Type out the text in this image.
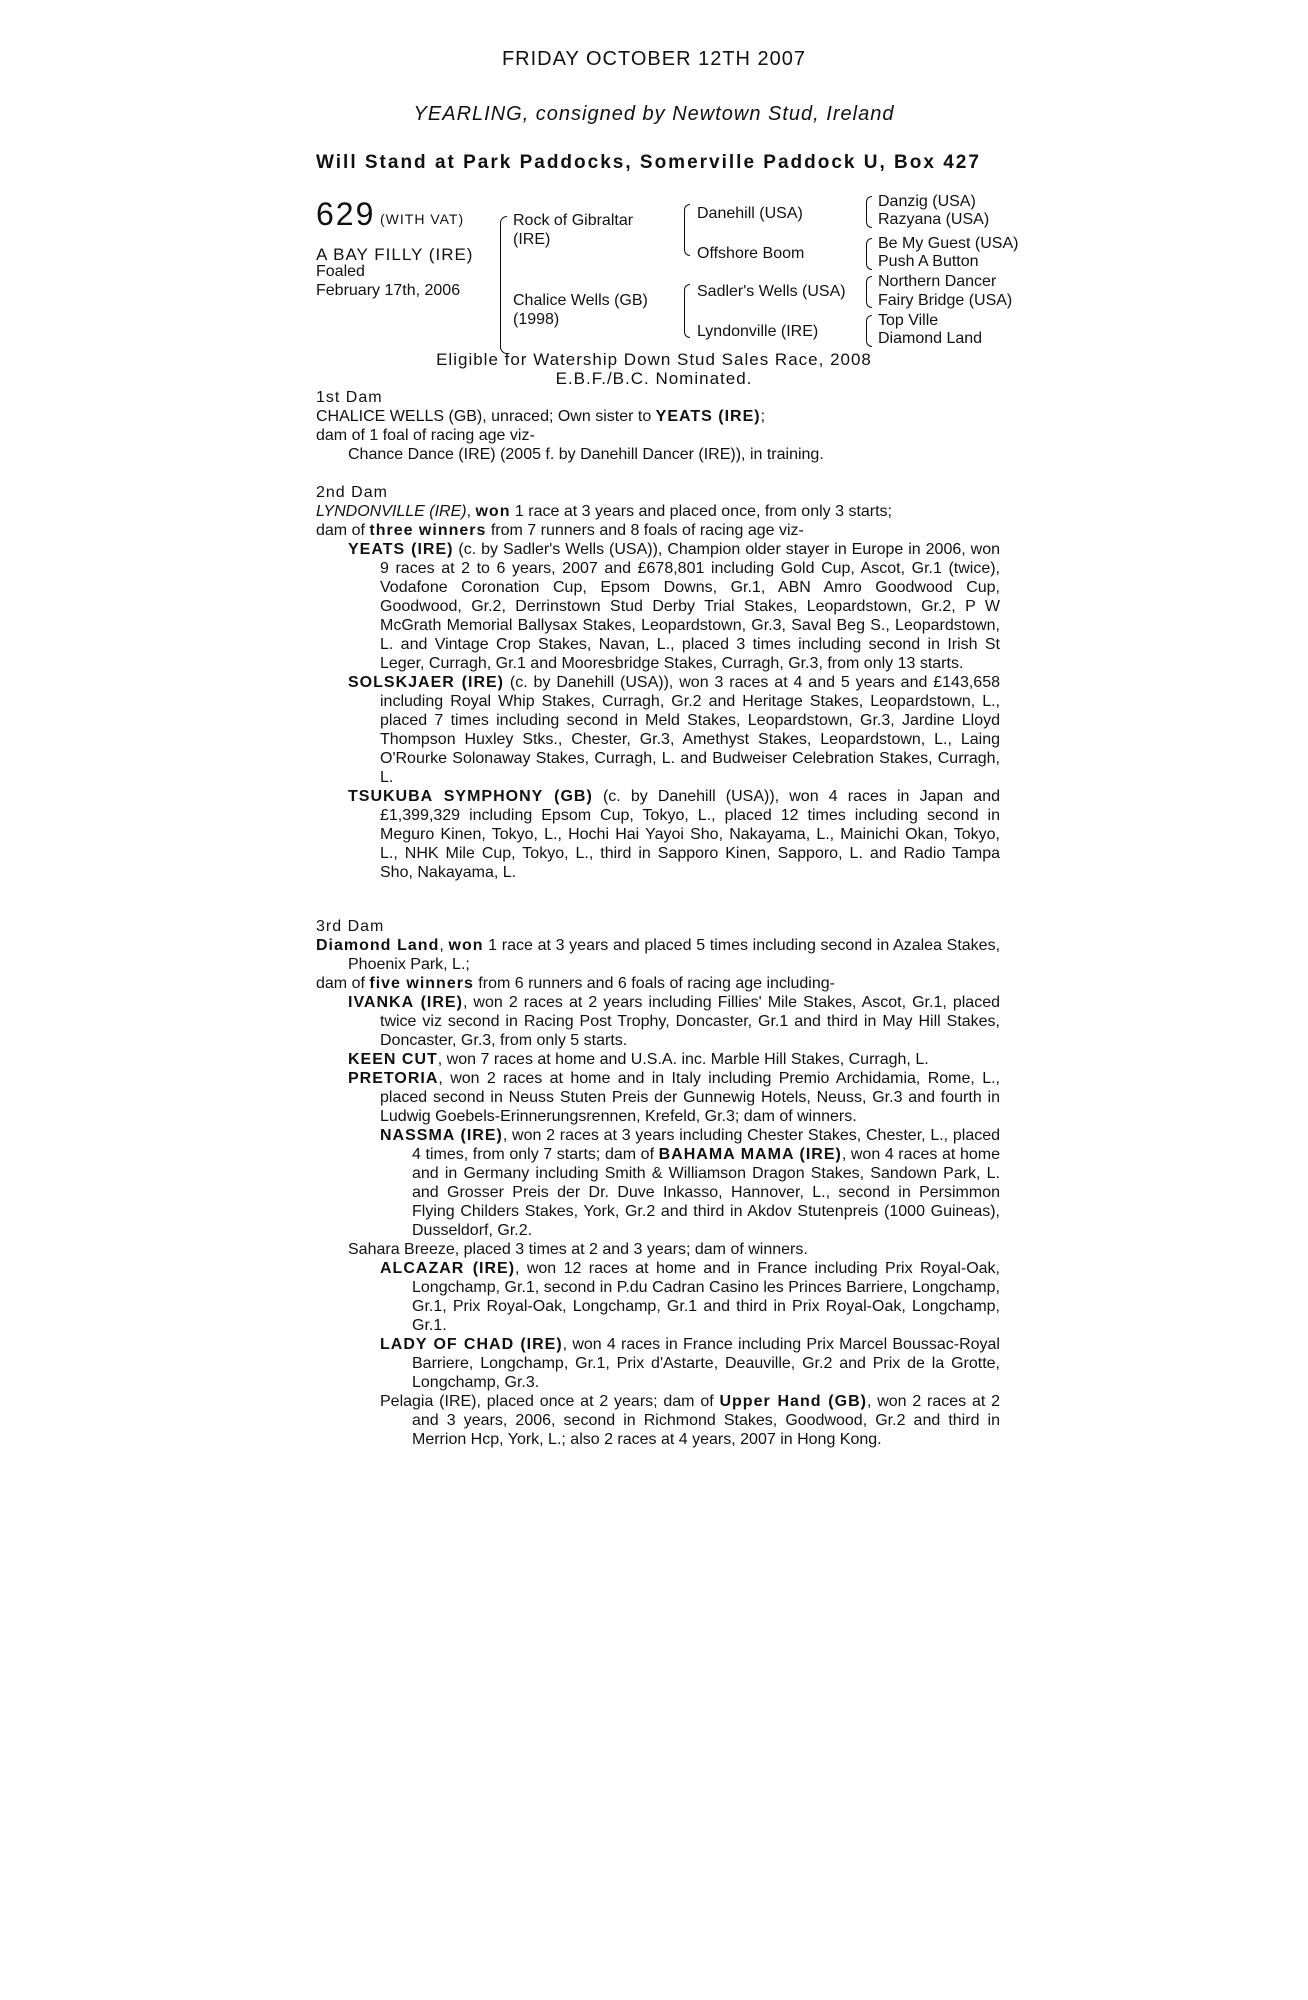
FRIDAY OCTOBER 12TH 2007
YEARLING, consigned by Newtown Stud, Ireland
Will Stand at Park Paddocks, Somerville Paddock U, Box 427
629 (WITH VAT)
A BAY FILLY (IRE)
Foaled
February 17th, 2006
Rock of Gibraltar
(IRE)
Chalice Wells (GB)
(1998)
Danehill (USA)
Offshore Boom
Sadler's Wells (USA)
Lyndonville (IRE)
Danzig (USA)
Razyana (USA)
Be My Guest (USA)
Push A Button
Northern Dancer
Fairy Bridge (USA)
Top Ville
Diamond Land
Eligible for Watership Down Stud Sales Race, 2008
E.B.F./B.C. Nominated.

1st Dam

CHALICE WELLS (GB), unraced; Own sister to YEATS (IRE);

dam of 1 foal of racing age viz-

Chance Dance (IRE) (2005 f. by Danehill Dancer (IRE)), in training.

2nd Dam

LYNDONVILLE (IRE), won 1 race at 3 years and placed once, from only 3 starts;

dam of three winners from 7 runners and 8 foals of racing age viz-

YEATS (IRE) (c. by Sadler's Wells (USA)), Champion older stayer in Europe in 2006, won 9 races at 2 to 6 years, 2007 and £678,801 including Gold Cup, Ascot, Gr.1 (twice), Vodafone Coronation Cup, Epsom Downs, Gr.1, ABN Amro Goodwood Cup, Goodwood, Gr.2, Derrinstown Stud Derby Trial Stakes, Leopardstown, Gr.2, P W McGrath Memorial Ballysax Stakes, Leopardstown, Gr.3, Saval Beg S., Leopardstown, L. and Vintage Crop Stakes, Navan, L., placed 3 times including second in Irish St Leger, Curragh, Gr.1 and Mooresbridge Stakes, Curragh, Gr.3, from only 13 starts.

SOLSKJAER (IRE) (c. by Danehill (USA)), won 3 races at 4 and 5 years and £143,658 including Royal Whip Stakes, Curragh, Gr.2 and Heritage Stakes, Leopardstown, L., placed 7 times including second in Meld Stakes, Leopardstown, Gr.3, Jardine Lloyd Thompson Huxley Stks., Chester, Gr.3, Amethyst Stakes, Leopardstown, L., Laing O'Rourke Solonaway Stakes, Curragh, L. and Budweiser Celebration Stakes, Curragh, L.

TSUKUBA SYMPHONY (GB) (c. by Danehill (USA)), won 4 races in Japan and £1,399,329 including Epsom Cup, Tokyo, L., placed 12 times including second in Meguro Kinen, Tokyo, L., Hochi Hai Yayoi Sho, Nakayama, L., Mainichi Okan, Tokyo, L., NHK Mile Cup, Tokyo, L., third in Sapporo Kinen, Sapporo, L. and Radio Tampa Sho, Nakayama, L.

3rd Dam

Diamond Land, won 1 race at 3 years and placed 5 times including second in Azalea Stakes, Phoenix Park, L.;

dam of five winners from 6 runners and 6 foals of racing age including-

IVANKA (IRE), won 2 races at 2 years including Fillies' Mile Stakes, Ascot, Gr.1, placed twice viz second in Racing Post Trophy, Doncaster, Gr.1 and third in May Hill Stakes, Doncaster, Gr.3, from only 5 starts.

KEEN CUT, won 7 races at home and U.S.A. inc. Marble Hill Stakes, Curragh, L.

PRETORIA, won 2 races at home and in Italy including Premio Archidamia, Rome, L., placed second in Neuss Stuten Preis der Gunnewig Hotels, Neuss, Gr.3 and fourth in Ludwig Goebels-Erinnerungsrennen, Krefeld, Gr.3; dam of winners.

NASSMA (IRE), won 2 races at 3 years including Chester Stakes, Chester, L., placed 4 times, from only 7 starts; dam of BAHAMA MAMA (IRE), won 4 races at home and in Germany including Smith & Williamson Dragon Stakes, Sandown Park, L. and Grosser Preis der Dr. Duve Inkasso, Hannover, L., second in Persimmon Flying Childers Stakes, York, Gr.2 and third in Akdov Stutenpreis (1000 Guineas), Dusseldorf, Gr.2.

Sahara Breeze, placed 3 times at 2 and 3 years; dam of winners.

ALCAZAR (IRE), won 12 races at home and in France including Prix Royal-Oak, Longchamp, Gr.1, second in P.du Cadran Casino les Princes Barriere, Longchamp, Gr.1, Prix Royal-Oak, Longchamp, Gr.1 and third in Prix Royal-Oak, Longchamp, Gr.1.

LADY OF CHAD (IRE), won 4 races in France including Prix Marcel Boussac-Royal Barriere, Longchamp, Gr.1, Prix d'Astarte, Deauville, Gr.2 and Prix de la Grotte, Longchamp, Gr.3.

Pelagia (IRE), placed once at 2 years; dam of Upper Hand (GB), won 2 races at 2 and 3 years, 2006, second in Richmond Stakes, Goodwood, Gr.2 and third in Merrion Hcp, York, L.; also 2 races at 4 years, 2007 in Hong Kong.
